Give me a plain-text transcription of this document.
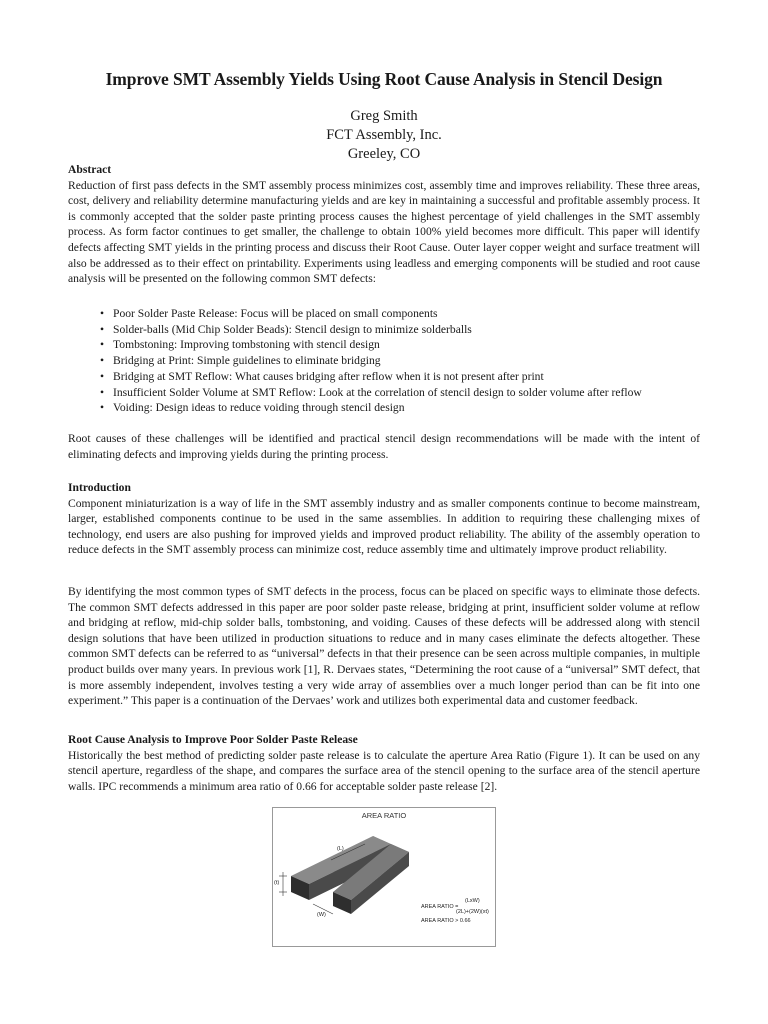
Improve SMT Assembly Yields Using Root Cause Analysis in Stencil Design
Greg Smith
FCT Assembly, Inc.
Greeley, CO
Abstract
Reduction of first pass defects in the SMT assembly process minimizes cost, assembly time and improves reliability. These three areas, cost, delivery and reliability determine manufacturing yields and are key in maintaining a successful and profitable assembly process. It is commonly accepted that the solder paste printing process causes the highest percentage of yield challenges in the SMT assembly process. As form factor continues to get smaller, the challenge to obtain 100% yield becomes more difficult. This paper will identify defects affecting SMT yields in the printing process and discuss their Root Cause. Outer layer copper weight and surface treatment will also be addressed as to their effect on printability. Experiments using leadless and emerging components will be studied and root cause analysis will be presented on the following common SMT defects:
• Poor Solder Paste Release: Focus will be placed on small components
• Solder-balls (Mid Chip Solder Beads): Stencil design to minimize solderballs
• Tombstoning: Improving tombstoning with stencil design
• Bridging at Print: Simple guidelines to eliminate bridging
• Bridging at SMT Reflow: What causes bridging after reflow when it is not present after print
• Insufficient Solder Volume at SMT Reflow: Look at the correlation of stencil design to solder volume after reflow
• Voiding: Design ideas to reduce voiding through stencil design
Root causes of these challenges will be identified and practical stencil design recommendations will be made with the intent of eliminating defects and improving yields during the printing process.
Introduction
Component miniaturization is a way of life in the SMT assembly industry and as smaller components continue to become mainstream, larger, established components continue to be used in the same assemblies. In addition to requiring these challenging mixes of technology, end users are also pushing for improved yields and improved product reliability. The ability of the assembly operation to reduce defects in the SMT assembly process can minimize cost, reduce assembly time and ultimately improve product reliability.
By identifying the most common types of SMT defects in the process, focus can be placed on specific ways to eliminate those defects. The common SMT defects addressed in this paper are poor solder paste release, bridging at print, insufficient solder volume at reflow and bridging at reflow, mid-chip solder balls, tombstoning, and voiding. Causes of these defects will be addressed along with stencil design solutions that have been utilized in production situations to reduce and in many cases eliminate the defects altogether. These common SMT defects can be referred to as “universal” defects in that their presence can be seen across multiple companies, in multiple product builds over many years. In previous work [1], R. Dervaes states, “Determining the root cause of a “universal” SMT defect, that is more assembly independent, involves testing a very wide array of assemblies over a much longer period than can be fit into one experiment.” This paper is a continuation of the Dervaes’ work and utilizes both experimental data and customer feedback.
Root Cause Analysis to Improve Poor Solder Paste Release
Historically the best method of predicting solder paste release is to calculate the aperture Area Ratio (Figure 1). It can be used on any stencil aperture, regardless of the shape, and compares the surface area of the stencil opening to the surface area of the stencil aperture walls. IPC recommends a minimum area ratio of 0.66 for acceptable solder paste release [2].
AREA RATIO
(t)
(L)
(W)
AREA RATIO =
(LxW)
(2L)+(2W)(xt)
AREA RATIO > 0.66
